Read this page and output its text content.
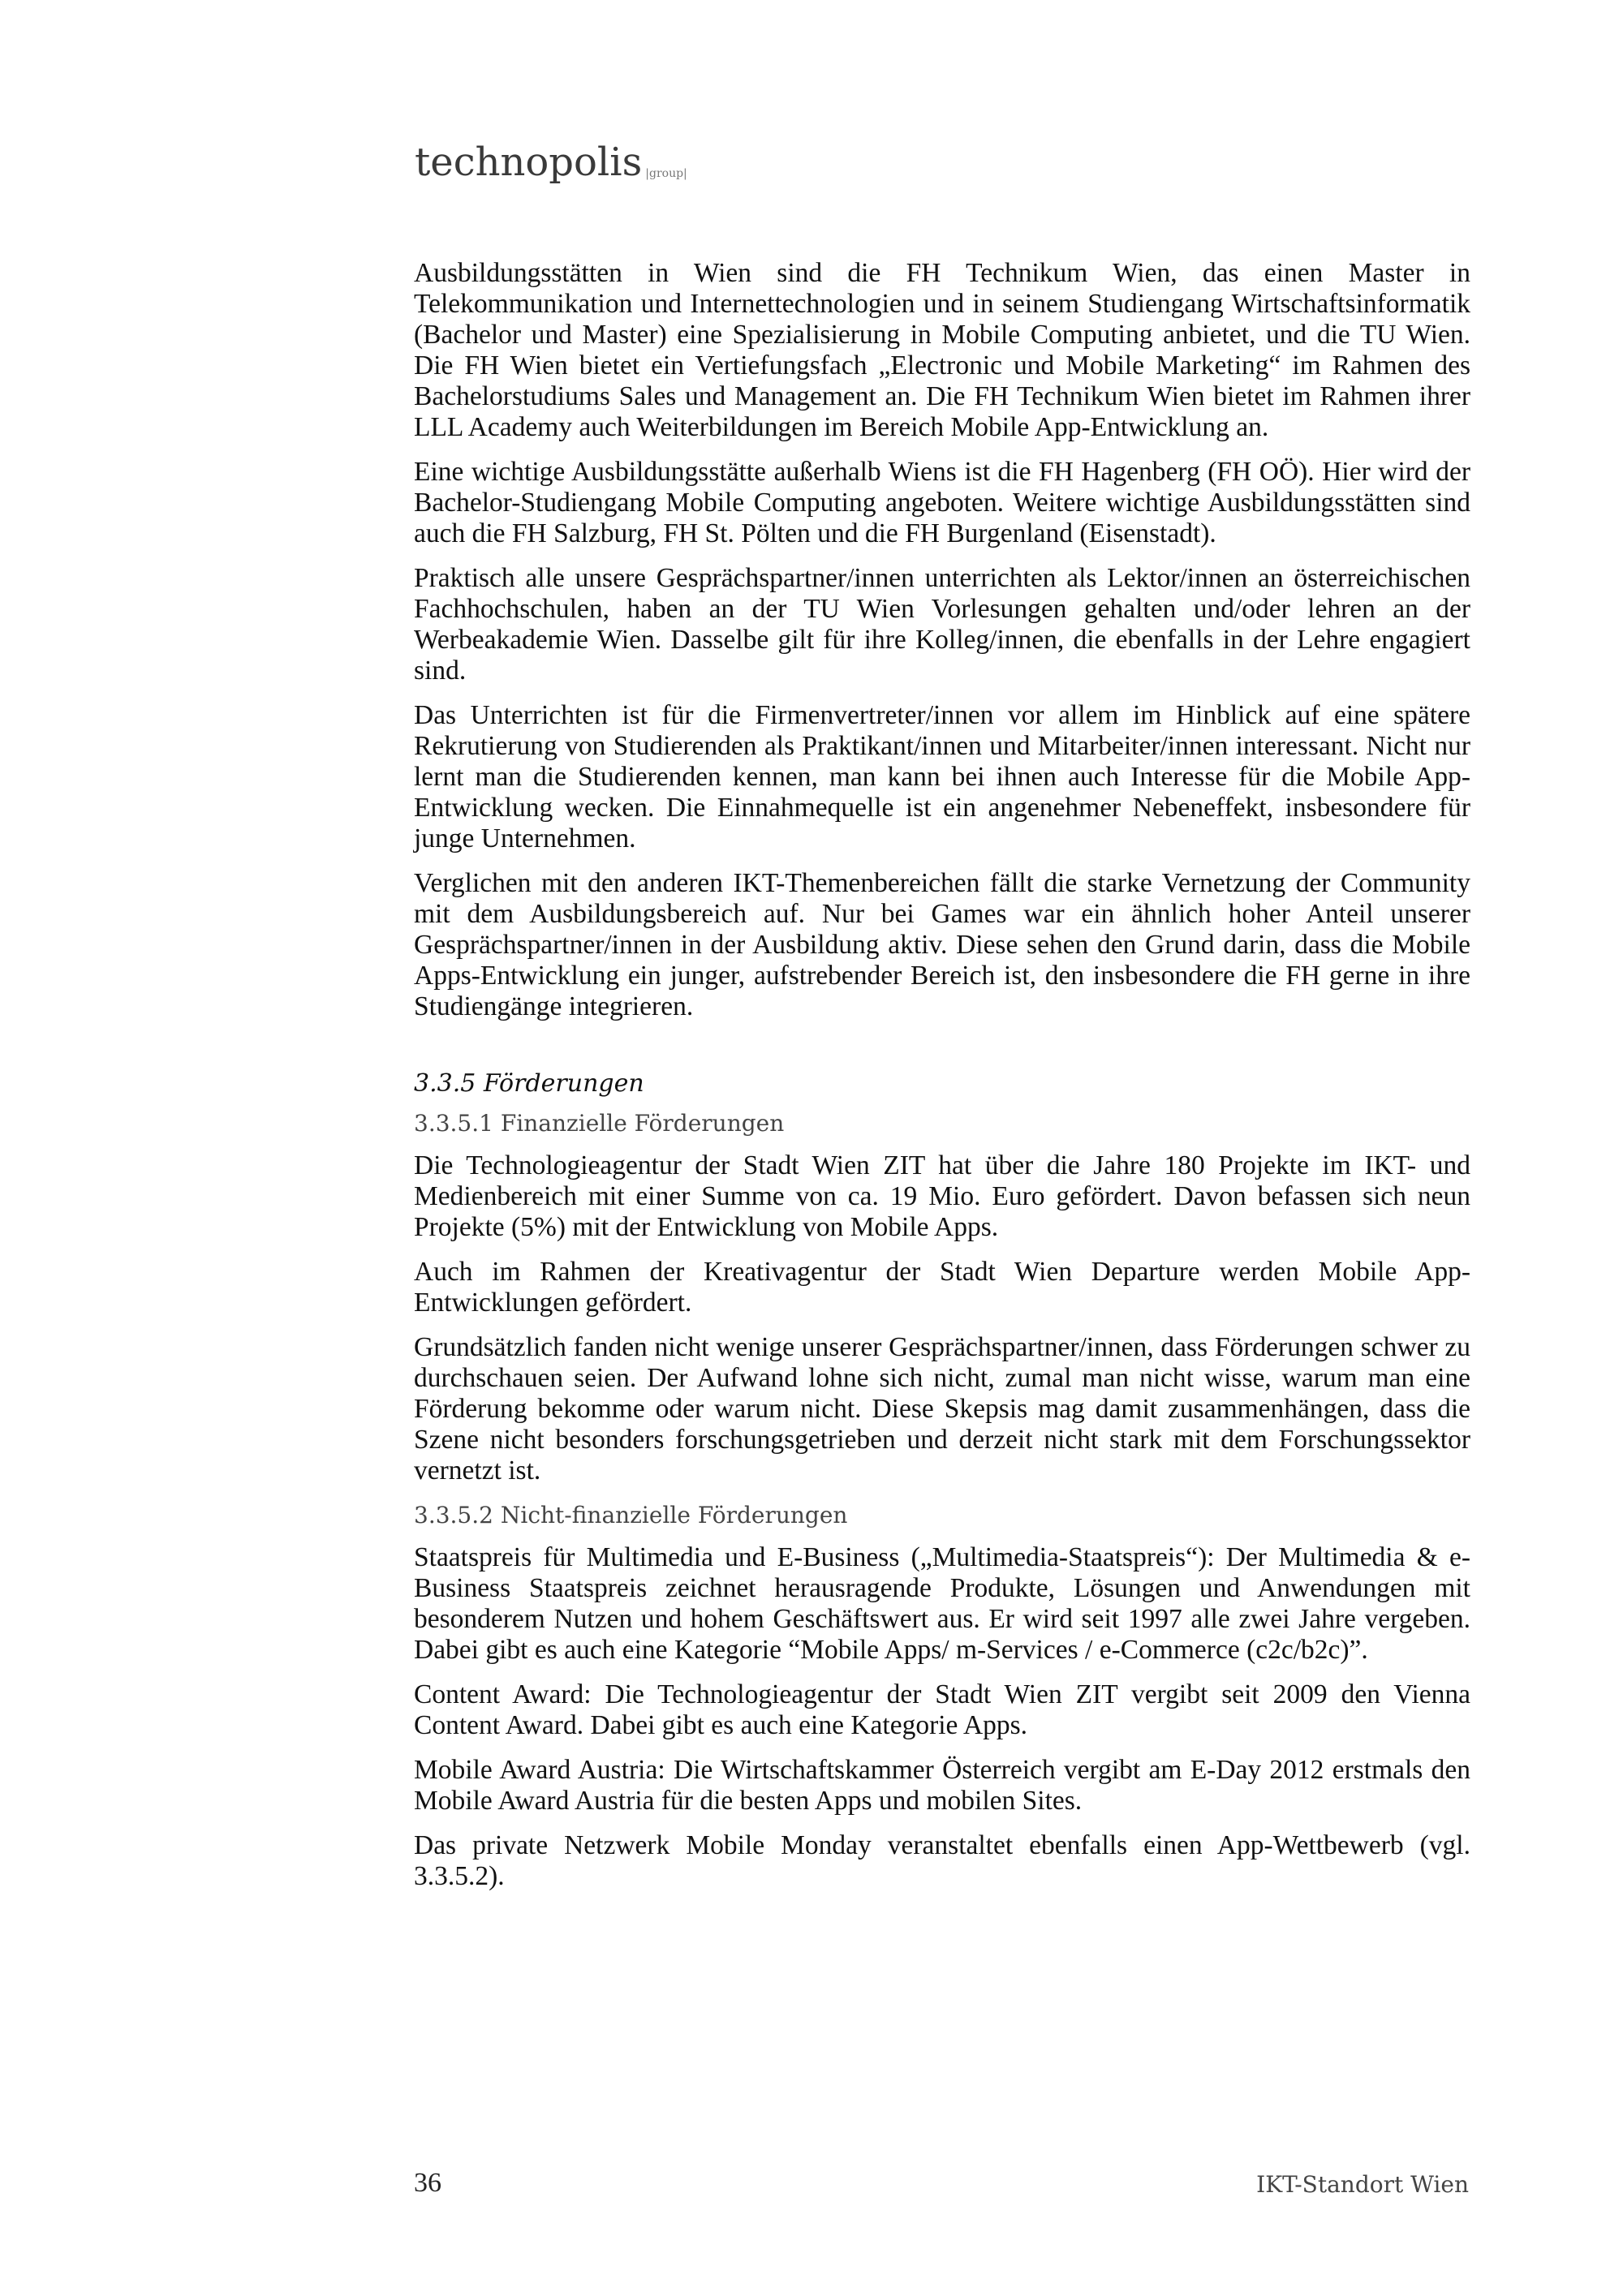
technopolis |group|

Ausbildungsstätten in Wien sind die FH Technikum Wien, das einen Master in Telekommunikation und Internettechnologien und in seinem Studiengang Wirtschaftsinformatik (Bachelor und Master) eine Spezialisierung in Mobile Computing anbietet, und die TU Wien. Die FH Wien bietet ein Vertiefungsfach „Electronic und Mobile Marketing“ im Rahmen des Bachelorstudiums Sales und Management an. Die FH Technikum Wien bietet im Rahmen ihrer LLL Academy auch Weiterbildungen im Bereich Mobile App-Entwicklung an.

Eine wichtige Ausbildungsstätte außerhalb Wiens ist die FH Hagenberg (FH OÖ). Hier wird der Bachelor-Studiengang Mobile Computing angeboten. Weitere wichtige Ausbildungsstätten sind auch die FH Salzburg, FH St. Pölten und die FH Burgenland (Eisenstadt).

Praktisch alle unsere Gesprächspartner/innen unterrichten als Lektor/innen an österreichischen Fachhochschulen, haben an der TU Wien Vorlesungen gehalten und/oder lehren an der Werbeakademie Wien. Dasselbe gilt für ihre Kolleg/innen, die ebenfalls in der Lehre engagiert sind.

Das Unterrichten ist für die Firmenvertreter/innen vor allem im Hinblick auf eine spätere Rekrutierung von Studierenden als Praktikant/innen und Mitarbeiter/innen interessant. Nicht nur lernt man die Studierenden kennen, man kann bei ihnen auch Interesse für die Mobile App-Entwicklung wecken. Die Einnahmequelle ist ein angenehmer Nebeneffekt, insbesondere für junge Unternehmen.

Verglichen mit den anderen IKT-Themenbereichen fällt die starke Vernetzung der Community mit dem Ausbildungsbereich auf. Nur bei Games war ein ähnlich hoher Anteil unserer Gesprächspartner/innen in der Ausbildung aktiv. Diese sehen den Grund darin, dass die Mobile Apps-Entwicklung ein junger, aufstrebender Bereich ist, den insbesondere die FH gerne in ihre Studiengänge integrieren.

3.3.5 Förderungen
3.3.5.1 Finanzielle Förderungen

Die Technologieagentur der Stadt Wien ZIT hat über die Jahre 180 Projekte im IKT- und Medienbereich mit einer Summe von ca. 19 Mio. Euro gefördert. Davon befassen sich neun Projekte (5%) mit der Entwicklung von Mobile Apps.

Auch im Rahmen der Kreativagentur der Stadt Wien Departure werden Mobile App-Entwicklungen gefördert.

Grundsätzlich fanden nicht wenige unserer Gesprächspartner/innen, dass Förderungen schwer zu durchschauen seien. Der Aufwand lohne sich nicht, zumal man nicht wisse, warum man eine Förderung bekomme oder warum nicht. Diese Skepsis mag damit zusammenhängen, dass die Szene nicht besonders forschungsgetrieben und derzeit nicht stark mit dem Forschungssektor vernetzt ist.

3.3.5.2 Nicht-finanzielle Förderungen

Staatspreis für Multimedia und E-Business („Multimedia-Staatspreis“): Der Multimedia & e-Business Staatspreis zeichnet herausragende Produkte, Lösungen und Anwendungen mit besonderem Nutzen und hohem Geschäftswert aus. Er wird seit 1997 alle zwei Jahre vergeben. Dabei gibt es auch eine Kategorie “Mobile Apps/ m-Services / e-Commerce (c2c/b2c)”.

Content Award: Die Technologieagentur der Stadt Wien ZIT vergibt seit 2009 den Vienna Content Award. Dabei gibt es auch eine Kategorie Apps.

Mobile Award Austria: Die Wirtschaftskammer Österreich vergibt am E-Day 2012 erstmals den Mobile Award Austria für die besten Apps und mobilen Sites.

Das private Netzwerk Mobile Monday veranstaltet ebenfalls einen App-Wettbewerb (vgl. 3.3.5.2).

36	IKT-Standort Wien
